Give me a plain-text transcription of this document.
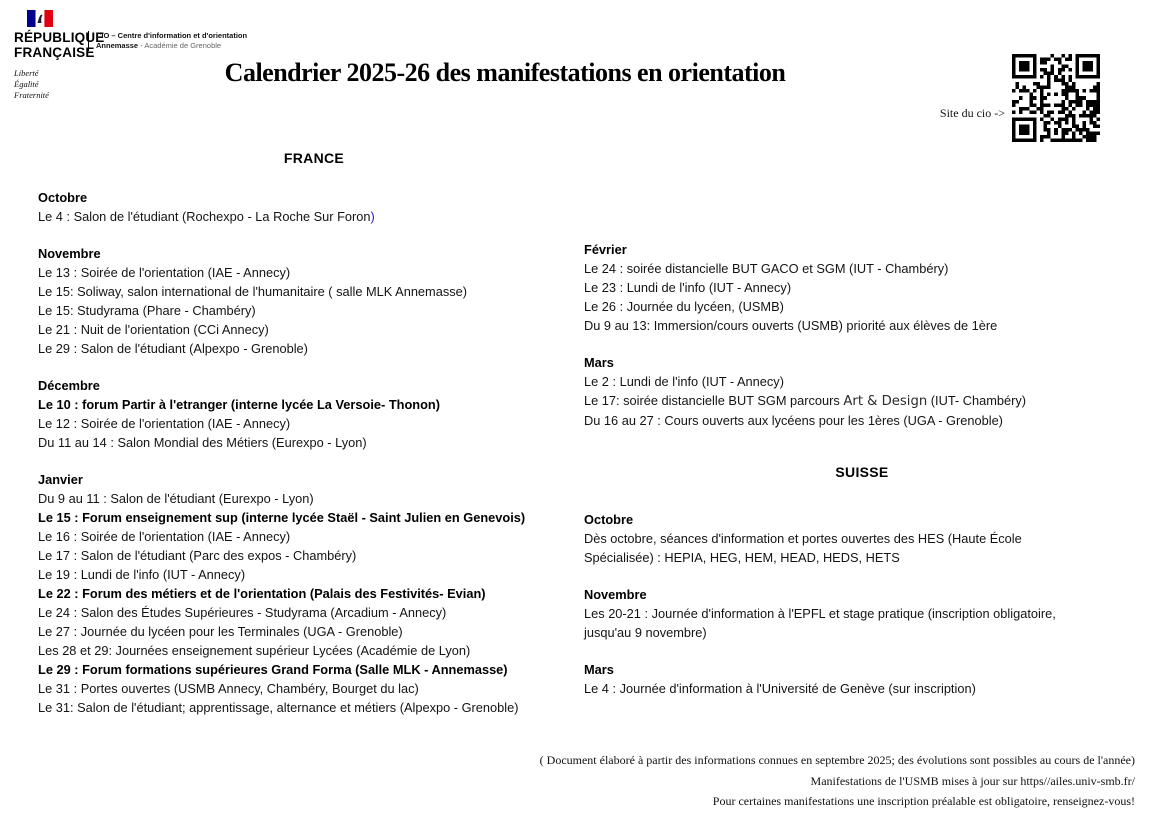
RÉPUBLIQUE
FRANÇAISE
Liberté
Égalité
Fraternité
CIO – Centre d'information et d'orientation
Annemasse - Académie de Grenoble
Calendrier 2025-26 des manifestations en orientation
Site du cio ->
FRANCE
Octobre
Le 4 : Salon de l'étudiant (Rochexpo - La Roche Sur Foron)
Novembre
Le 13 : Soirée de l'orientation (IAE - Annecy)
Le 15: Soliway, salon international de l'humanitaire ( salle MLK Annemasse)
Le 15: Studyrama (Phare - Chambéry)
Le 21 : Nuit de l'orientation (CCi Annecy)
Le 29 : Salon de l'étudiant (Alpexpo - Grenoble)
Décembre
Le 10 : forum Partir à l'etranger (interne lycée La Versoie- Thonon)
Le 12 : Soirée de l'orientation (IAE - Annecy)
Du 11 au 14 : Salon Mondial des Métiers (Eurexpo - Lyon)
Janvier
Du 9 au 11 : Salon de l'étudiant (Eurexpo - Lyon)
Le 15 : Forum enseignement sup (interne lycée Staël - Saint Julien en Genevois)
Le 16 : Soirée de l'orientation (IAE - Annecy)
Le 17 : Salon de l'étudiant (Parc des expos - Chambéry)
Le 19 : Lundi de l'info (IUT - Annecy)
Le 22 : Forum des métiers et de l'orientation (Palais des Festivités- Evian)
Le 24 : Salon des Études Supérieures - Studyrama (Arcadium - Annecy)
Le 27 : Journée du lycéen pour les Terminales (UGA - Grenoble)
Les 28 et 29: Journées enseignement supérieur Lycées (Académie de Lyon)
Le 29 : Forum formations supérieures Grand Forma (Salle MLK - Annemasse)
Le 31 : Portes ouvertes (USMB Annecy, Chambéry, Bourget du lac)
Le 31: Salon de l'étudiant; apprentissage, alternance et métiers (Alpexpo - Grenoble)
Février
Le 24 : soirée distancielle BUT GACO et SGM (IUT - Chambéry)
Le 23 : Lundi de l'info (IUT - Annecy)
Le 26 : Journée du lycéen, (USMB)
Du 9 au 13: Immersion/cours ouverts (USMB) priorité aux élèves de 1ère
Mars
Le 2 : Lundi de l'info (IUT - Annecy)
Le 17: soirée distancielle BUT SGM parcours Art & Design (IUT- Chambéry)
Du 16 au 27 : Cours ouverts aux lycéens pour les 1ères (UGA - Grenoble)
SUISSE
Octobre
Dès octobre, séances d'information et portes ouvertes des HES (Haute École
Spécialisée) : HEPIA, HEG, HEM, HEAD, HEDS, HETS
Novembre
Les 20-21 : Journée d'information à l'EPFL et stage pratique (inscription obligatoire,
jusqu'au 9 novembre)
Mars
Le 4 : Journée d'information à l'Université de Genève (sur inscription)
( Document élaboré à partir des informations connues en septembre 2025; des évolutions sont possibles au cours de l'année)
Manifestations de l'USMB mises à jour sur https//ailes.univ-smb.fr/
Pour certaines manifestations une inscription préalable est obligatoire, renseignez-vous!
